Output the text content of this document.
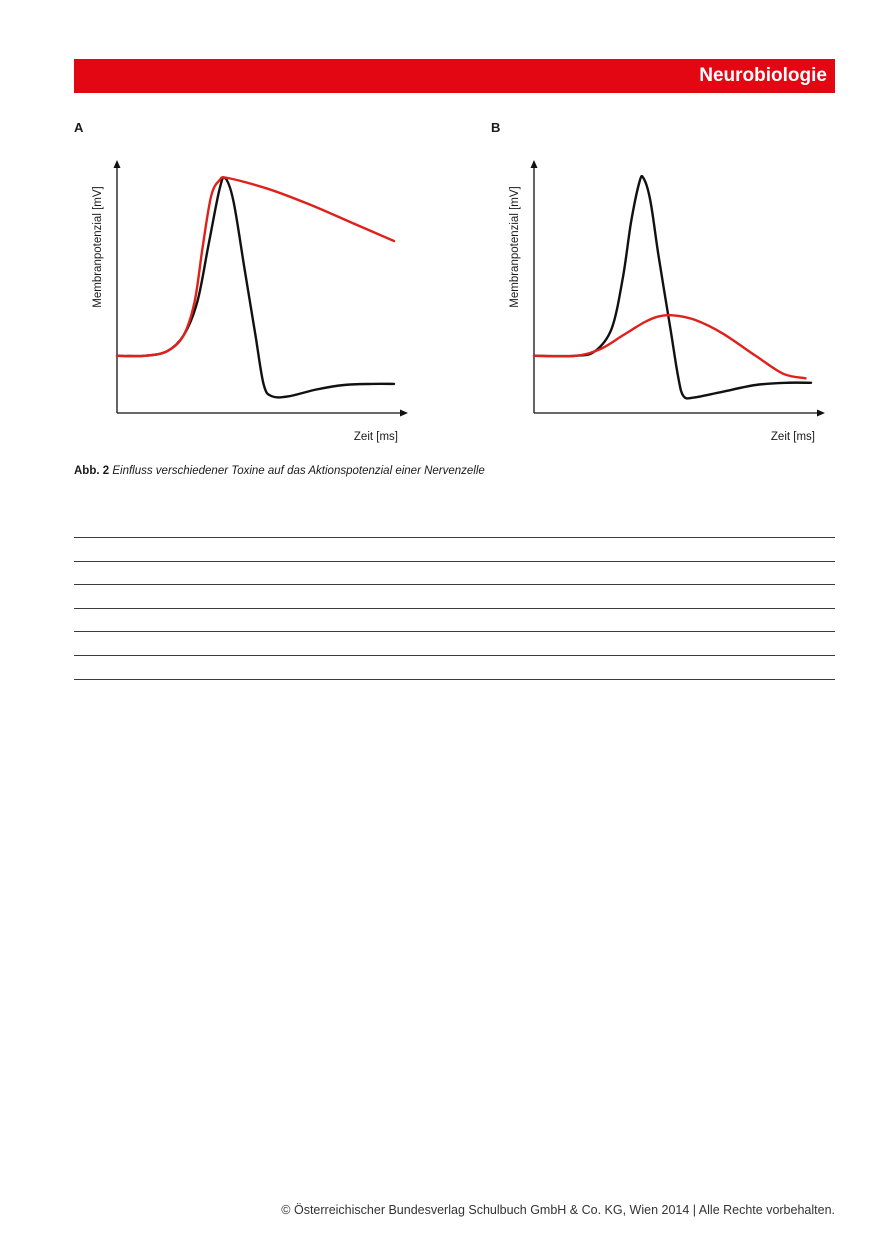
Neurobiologie
A	B
Membranpotenzial [mV]
Zeit [ms]
Membranpotenzial [mV]
Zeit [ms]
Abb. 2 Einfluss verschiedener Toxine auf das Aktionspotenzial einer Nervenzelle
© Österreichischer Bundesverlag Schulbuch GmbH & Co. KG, Wien 2014 | Alle Rechte vorbehalten.
